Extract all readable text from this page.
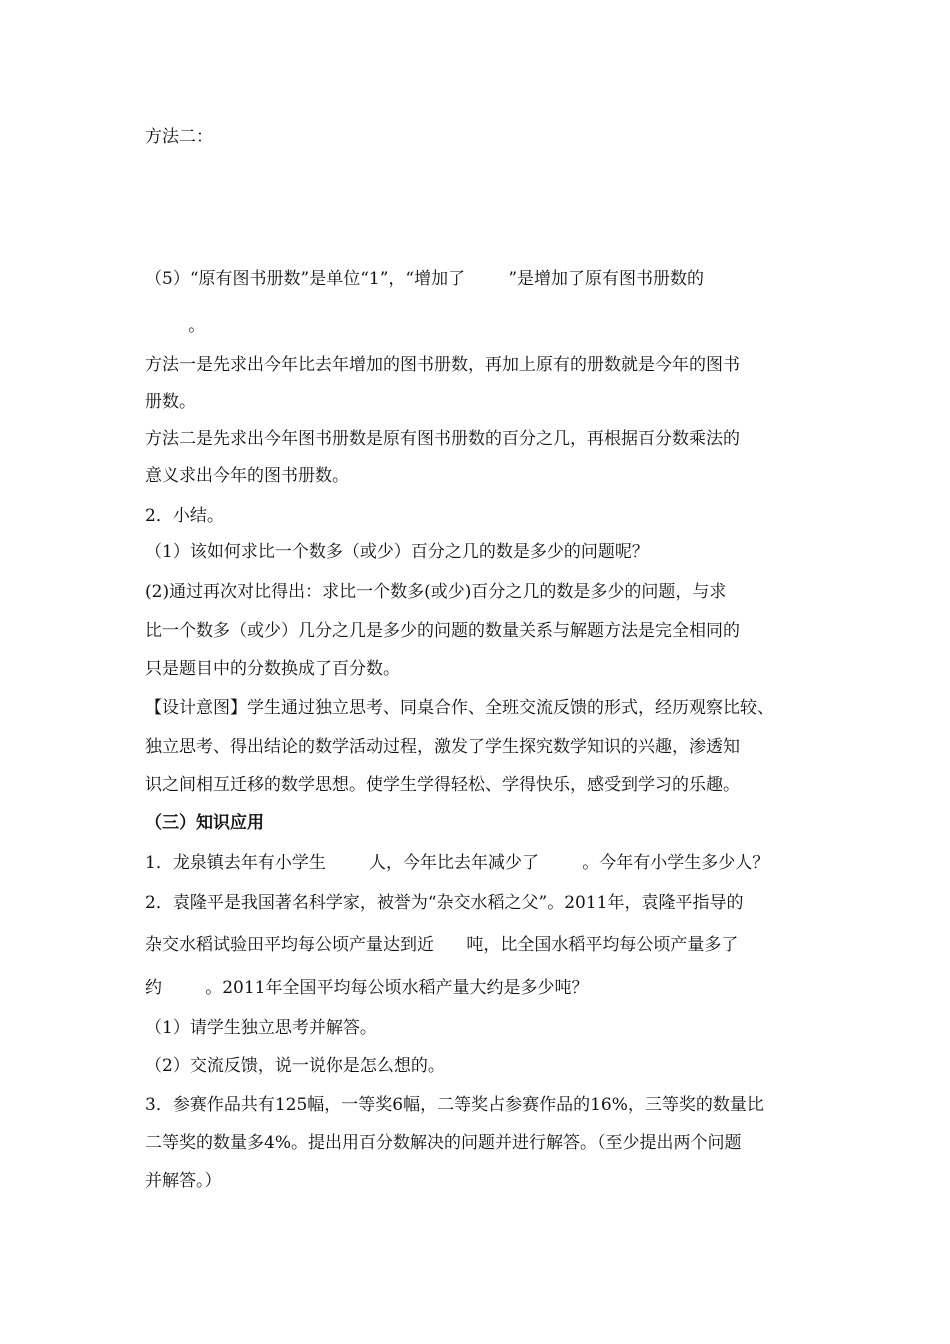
方法二：

（5）“原有图书册数”是单位“1”，“增加了        ”是增加了原有图书册数的

。

方法一是先求出今年比去年增加的图书册数，再加上原有的册数就是今年的图书

册数。

方法二是先求出今年图书册数是原有图书册数的百分之几，再根据百分数乘法的

意义求出今年的图书册数。

2．小结。

（1）该如何求比一个数多（或少）百分之几的数是多少的问题呢？

(2)通过再次对比得出：求比一个数多(或少)百分之几的数是多少的问题，与求

比一个数多（或少）几分之几是多少的问题的数量关系与解题方法是完全相同的

只是题目中的分数换成了百分数。

【设计意图】学生通过独立思考、同桌合作、全班交流反馈的形式，经历观察比较、

独立思考、得出结论的数学活动过程，激发了学生探究数学知识的兴趣，渗透知

识之间相互迁移的数学思想。使学生学得轻松、学得快乐，感受到学习的乐趣。

（三）知识应用

1．龙泉镇去年有小学生        人，今年比去年减少了        。今年有小学生多少人？

2．袁隆平是我国著名科学家，被誉为“杂交水稻之父”。2011年，袁隆平指导的

杂交水稻试验田平均每公顷产量达到近      吨，比全国水稻平均每公顷产量多了

约        。2011年全国平均每公顷水稻产量大约是多少吨？

（1）请学生独立思考并解答。

（2）交流反馈，说一说你是怎么想的。

3．参赛作品共有125幅，一等奖6幅，二等奖占参赛作品的16%，三等奖的数量比

二等奖的数量多4%。提出用百分数解决的问题并进行解答。（至少提出两个问题

并解答。）
